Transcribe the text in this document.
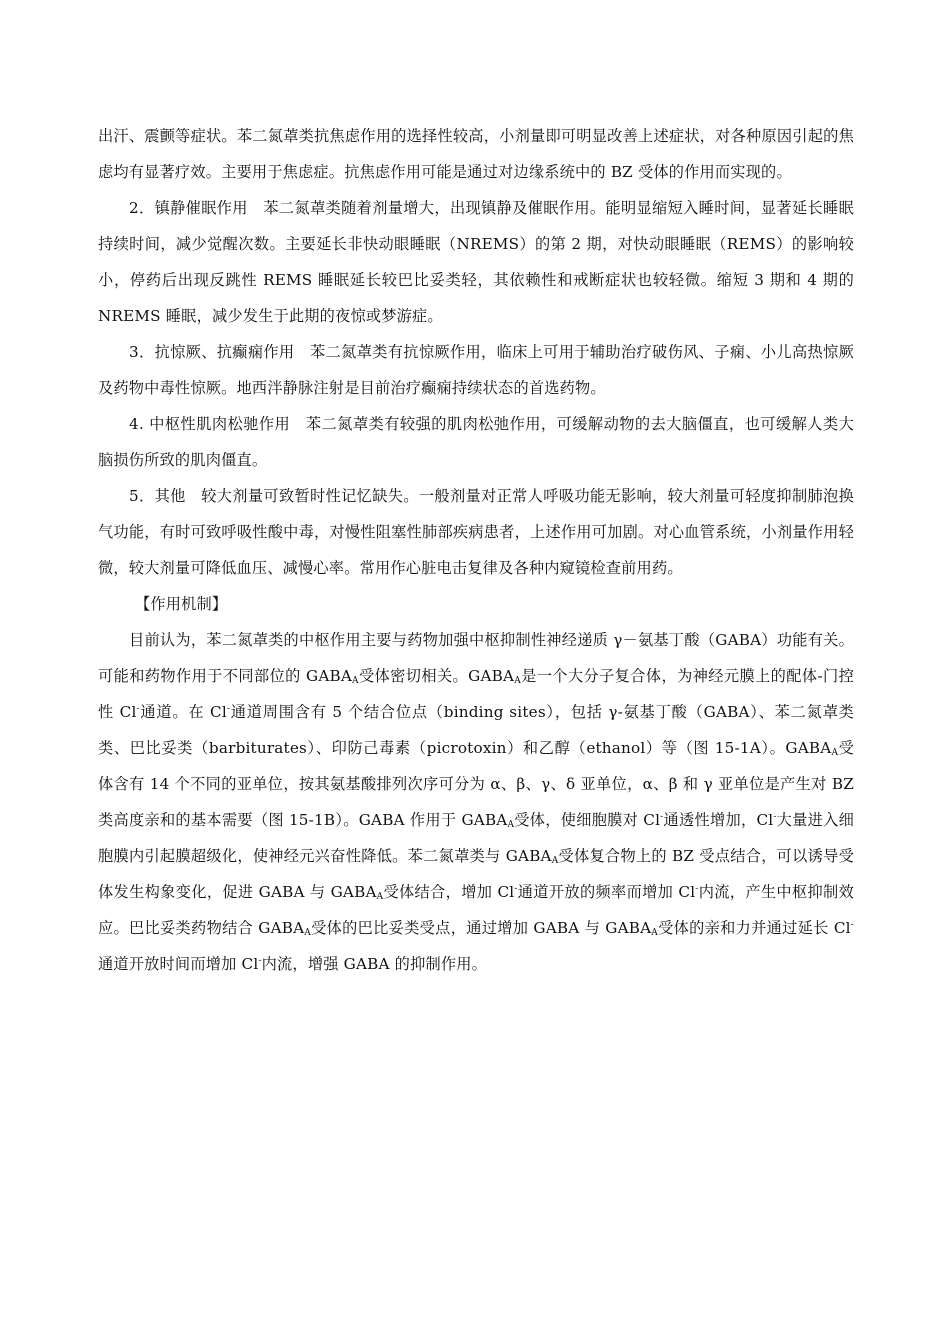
出汗、震颤等症状。苯二氮䓬类抗焦虑作用的选择性较高，小剂量即可明显改善上述症状，对各种原因引起的焦虑均有显著疗效。主要用于焦虑症。抗焦虑作用可能是通过对边缘系统中的 BZ 受体的作用而实现的。

2．镇静催眠作用　苯二氮䓬类随着剂量增大，出现镇静及催眠作用。能明显缩短入睡时间，显著延长睡眠持续时间，减少觉醒次数。主要延长非快动眼睡眠（NREMS）的第 2 期，对快动眼睡眠（REMS）的影响较小，停药后出现反跳性 REMS 睡眠延长较巴比妥类轻，其依赖性和戒断症状也较轻微。缩短 3 期和 4 期的 NREMS 睡眠，减少发生于此期的夜惊或梦游症。

3．抗惊厥、抗癫痫作用　苯二氮䓬类有抗惊厥作用，临床上可用于辅助治疗破伤风、子痫、小儿高热惊厥及药物中毒性惊厥。地西泮静脉注射是目前治疗癫痫持续状态的首选药物。

4. 中枢性肌肉松驰作用　苯二氮䓬类有较强的肌肉松弛作用，可缓解动物的去大脑僵直，也可缓解人类大脑损伤所致的肌肉僵直。

5．其他　较大剂量可致暂时性记忆缺失。一般剂量对正常人呼吸功能无影响，较大剂量可轻度抑制肺泡换气功能，有时可致呼吸性酸中毒，对慢性阻塞性肺部疾病患者，上述作用可加剧。对心血管系统，小剂量作用轻微，较大剂量可降低血压、减慢心率。常用作心脏电击复律及各种内窥镜检查前用药。

【作用机制】

目前认为，苯二氮䓬类的中枢作用主要与药物加强中枢抑制性神经递质 γ－氨基丁酸（GABA）功能有关。可能和药物作用于不同部位的 $GABA_A$受体密切相关。$GABA_A$是一个大分子复合体，为神经元膜上的配体-门控性 Cl-通道。在 Cl-通道周围含有 5 个结合位点（binding sites），包括 γ-氨基丁酸（GABA）、苯二氮䓬类类、巴比妥类（barbiturates）、印防己毒素（picrotoxin）和乙醇（ethanol）等（图 15-1A）。$GABA_A$受体含有 14 个不同的亚单位，按其氨基酸排列次序可分为 α、β、γ、δ 亚单位，α、β 和 γ 亚单位是产生对 BZ 类高度亲和的基本需要（图 15-1B）。GABA 作用于 $GABA_A$受体，使细胞膜对 Cl-通透性增加，Cl-大量进入细胞膜内引起膜超级化，使神经元兴奋性降低。苯二氮䓬类与 $GABA_A$受体复合物上的 BZ 受点结合，可以诱导受体发生构象变化，促进 GABA 与 $GABA_A$受体结合，增加 Cl-通道开放的频率而增加 Cl-内流，产生中枢抑制效应。巴比妥类药物结合 $GABA_A$受体的巴比妥类受点，通过增加 GABA 与 $GABA_A$受体的亲和力并通过延长 Cl-通道开放时间而增加 Cl-内流，增强 GABA 的抑制作用。
